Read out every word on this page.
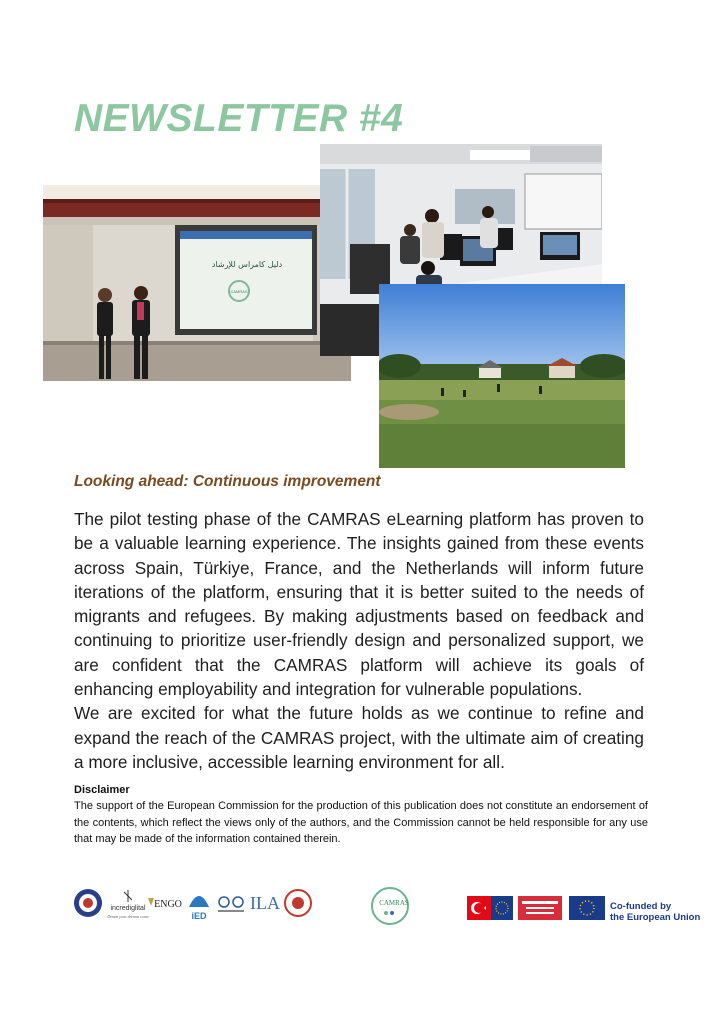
NEWSLETTER #4
دليل كامراس للإرشاد
CAMRAS
Looking ahead: Continuous improvement

The pilot testing phase of the CAMRAS eLearning platform has proven to be a valuable learning experience. The insights gained from these events across Spain, Türkiye, France, and the Netherlands will inform future iterations of the platform, ensuring that it is better suited to the needs of migrants and refugees. By making adjustments based on feedback and continuing to prioritize user-friendly design and personalized support, we are confident that the CAMRAS platform will achieve its goals of enhancing employability and integration for vulnerable populations.

We are excited for what the future holds as we continue to refine and expand the reach of the CAMRAS project, with the ultimate aim of creating a more inclusive, accessible learning environment for all.

Disclaimer

The support of the European Commission for the production of this publication does not constitute an endorsement of the contents, which reflect the views only of the authors, and the Commission cannot be held responsible for any use that may be made of the information contained therein.

incrediglital
Dream your dreams come
ENGO
iED
ILA	CAMRAS	Co-funded by
the European Union
